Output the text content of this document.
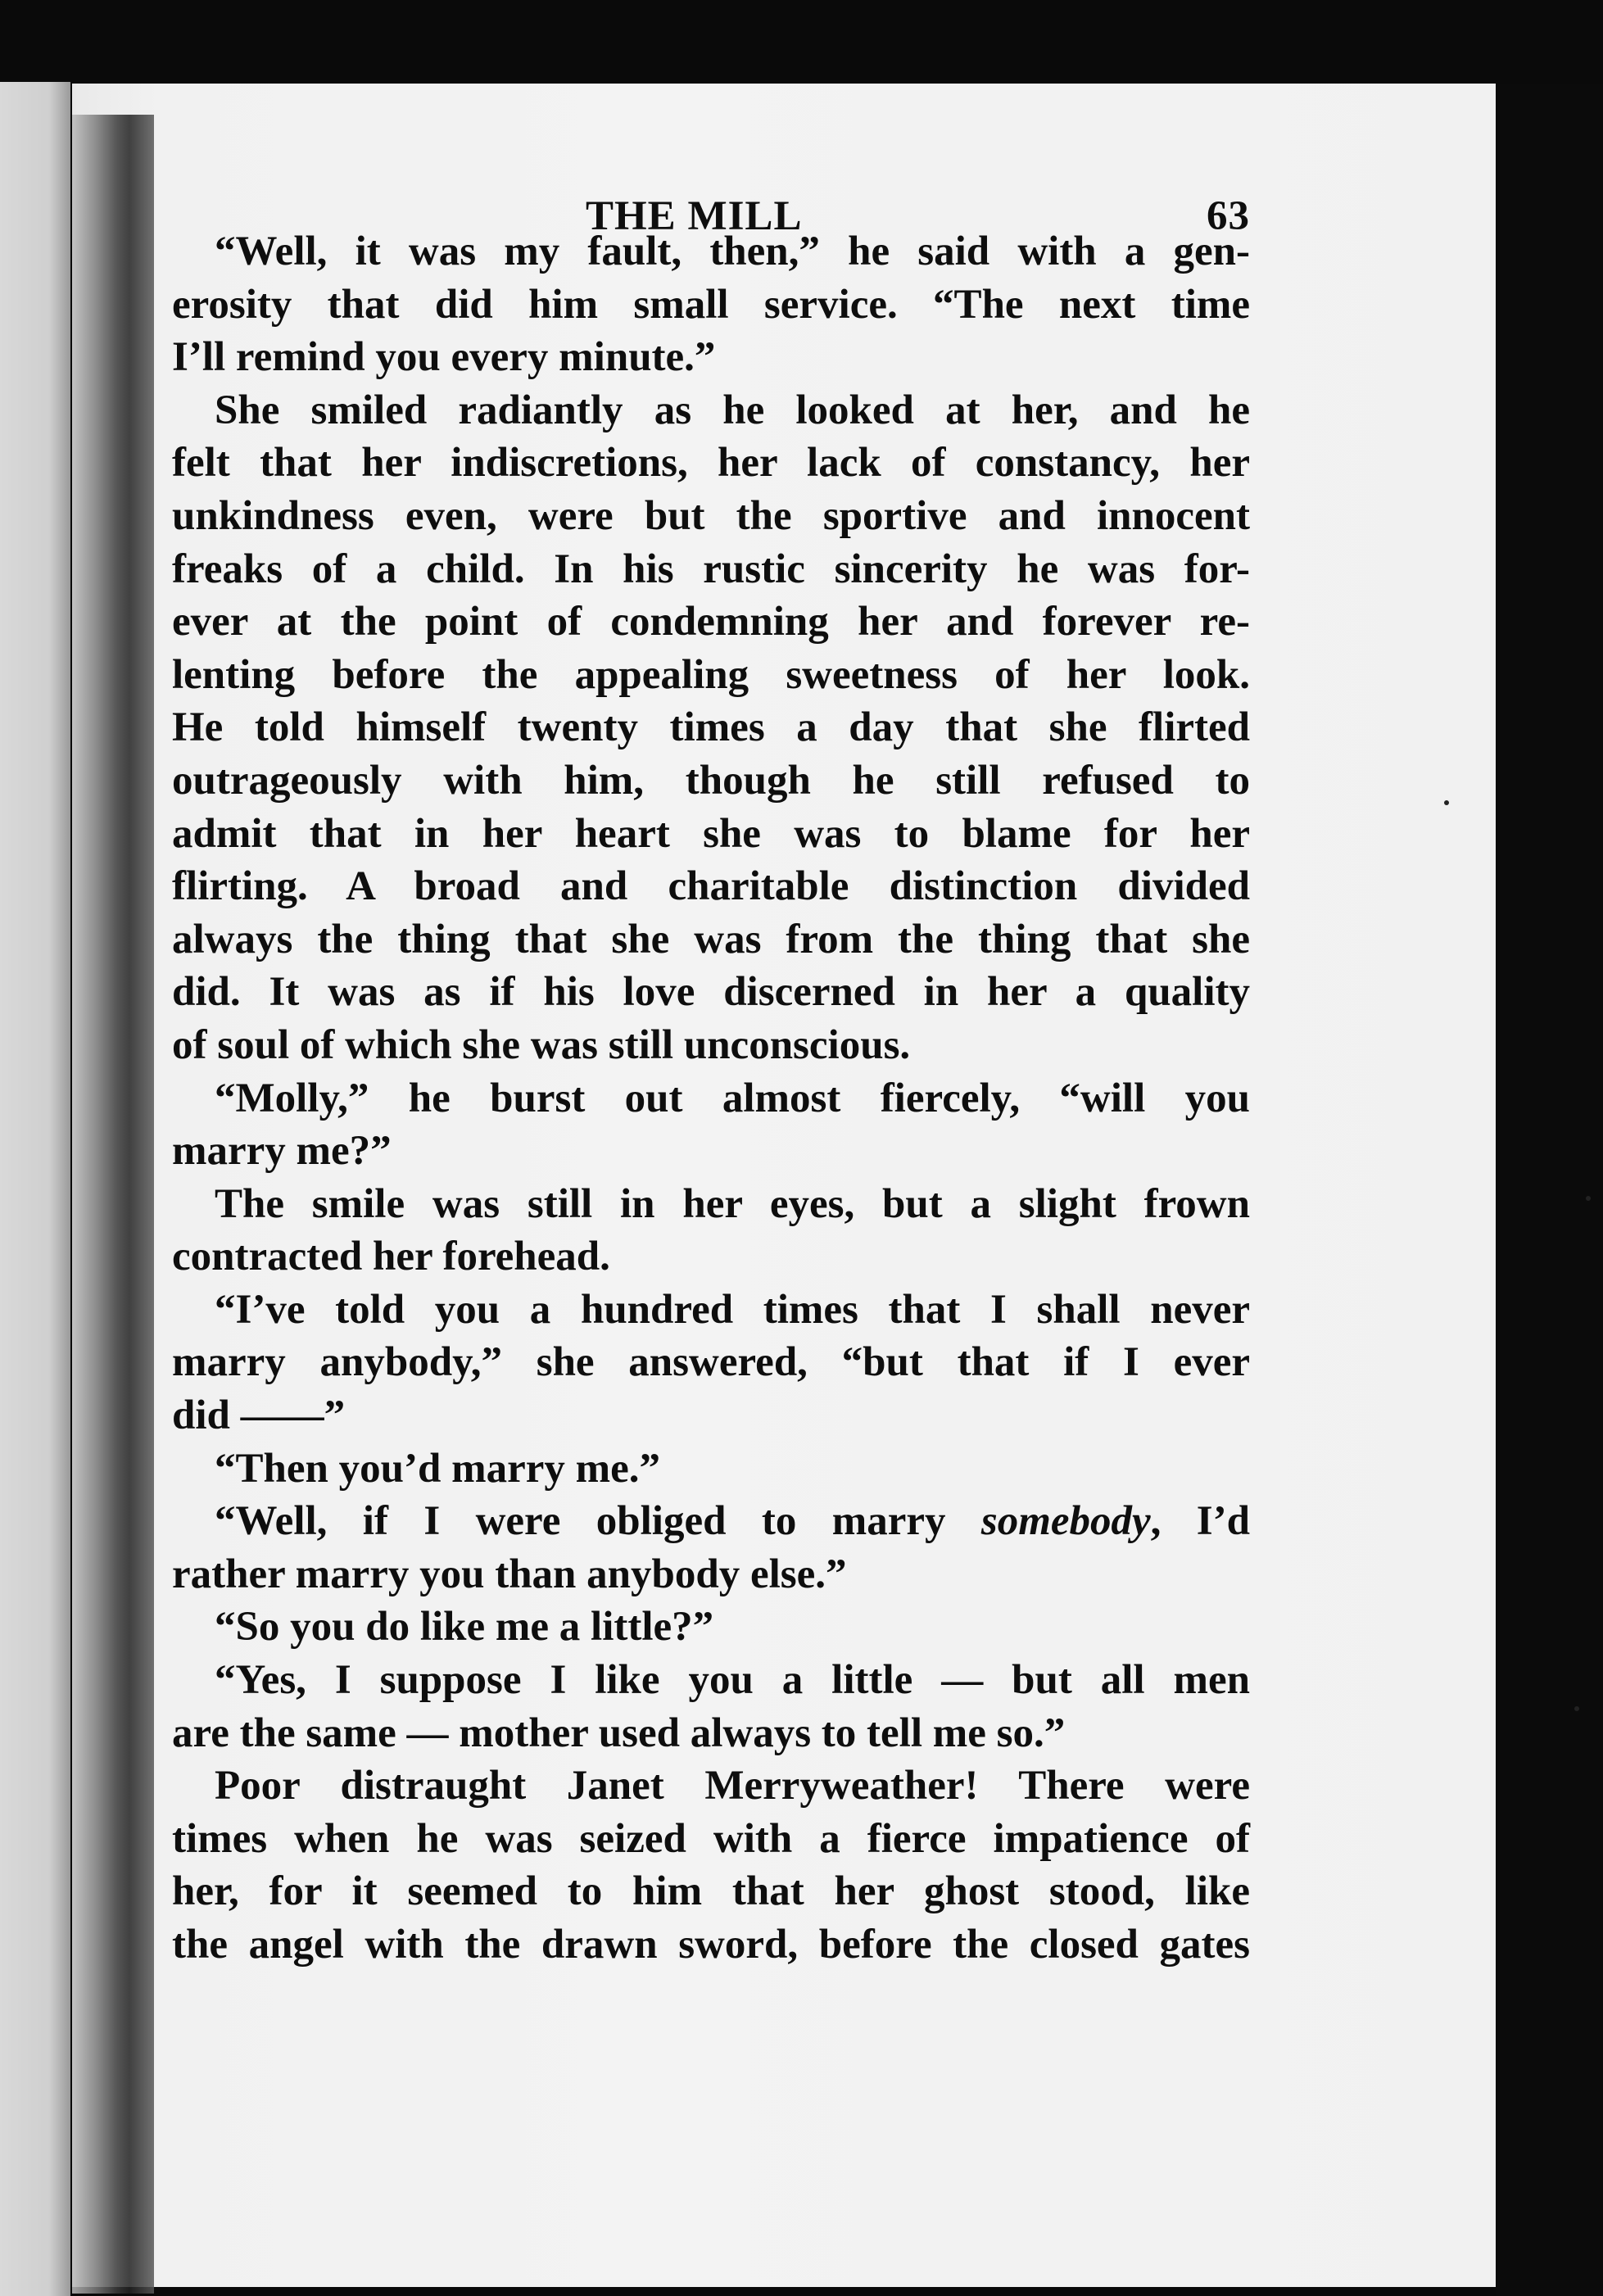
THE MILL	63
“Well, it was my fault, then,” he said with a gen-
erosity that did him small service. “The next time
I’ll remind you every minute.”
She smiled radiantly as he looked at her, and he
felt that her indiscretions, her lack of constancy, her
unkindness even, were but the sportive and innocent
freaks of a child. In his rustic sincerity he was for-
ever at the point of condemning her and forever re-
lenting before the appealing sweetness of her look.
He told himself twenty times a day that she flirted
outrageously with him, though he still refused to
admit that in her heart she was to blame for her
flirting. A broad and charitable distinction divided
always the thing that she was from the thing that she
did. It was as if his love discerned in her a quality
of soul of which she was still unconscious.
“Molly,” he burst out almost fiercely, “will you
marry me?”
The smile was still in her eyes, but a slight frown
contracted her forehead.
“I’ve told you a hundred times that I shall never
marry anybody,” she answered, “but that if I ever
did ——”
“Then you’d marry me.”
“Well, if I were obliged to marry somebody, I’d
rather marry you than anybody else.”
“So you do like me a little?”
“Yes, I suppose I like you a little — but all men
are the same — mother used always to tell me so.”
Poor distraught Janet Merryweather! There were
times when he was seized with a fierce impatience of
her, for it seemed to him that her ghost stood, like
the angel with the drawn sword, before the closed gates
